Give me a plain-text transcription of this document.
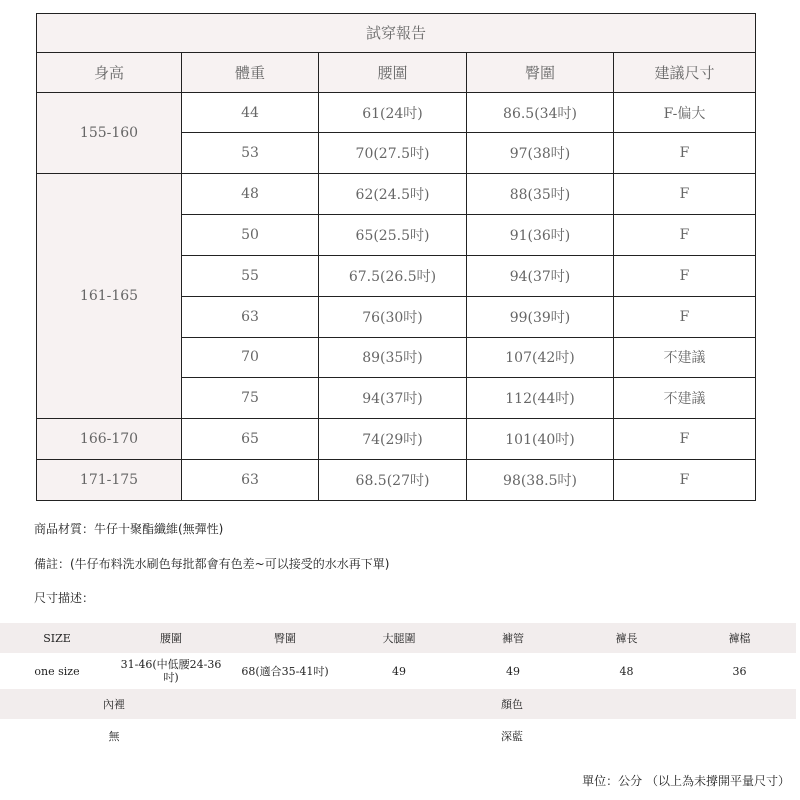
試穿報告				
身高	體重	腰圍	臀圍	建議尺寸
155-160	44	61(24吋)	86.5(34吋)	F-偏大
	53	70(27.5吋)	97(38吋)	F
161-165	48	62(24.5吋)	88(35吋)	F
	50	65(25.5吋)	91(36吋)	F
	55	67.5(26.5吋)	94(37吋)	F
	63	76(30吋)	99(39吋)	F
	70	89(35吋)	107(42吋)	不建議
	75	94(37吋)	112(44吋)	不建議
166-170	65	74(29吋)	101(40吋)	F
171-175	63	68.5(27吋)	98(38.5吋)	F
商品材質：牛仔十聚酯纖維(無彈性)
備註：(牛仔布料洗水刷色每批都會有色差~可以接受的水水再下單)
尺寸描述：
SIZE	腰圍	臀圍	大腿圍	褲管	褲長	褲檔
one size	31-46(中低腰24-36吋)	68(適合35-41吋)	49	49	48	36
內裡		顏色				
無		深藍				
單位：公分 （以上為未撐開平量尺寸）
